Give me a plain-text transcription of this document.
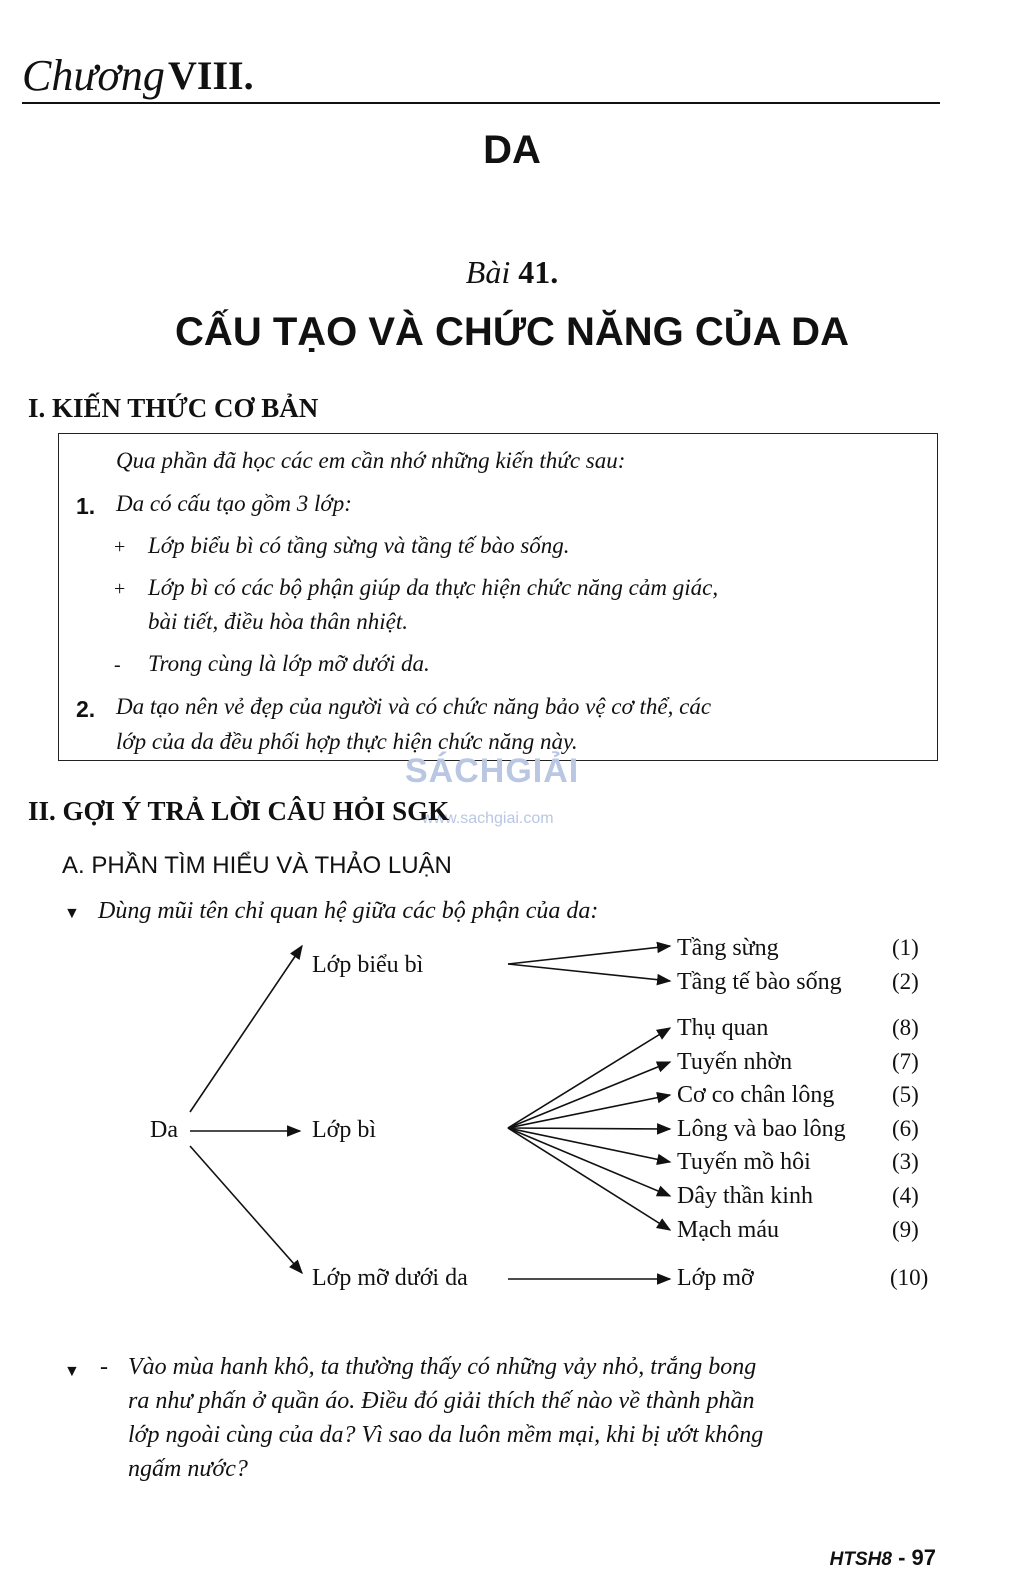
Chương VIII.
DA
Bài 41.
CẤU TẠO VÀ CHỨC NĂNG CỦA DA
I. KIẾN THỨC CƠ BẢN
Qua phần đã học các em cần nhớ những kiến thức sau:
1. Da có cấu tạo gồm 3 lớp:
+ Lớp biểu bì có tầng sừng và tầng tế bào sống.
+ Lớp bì có các bộ phận giúp da thực hiện chức năng cảm giác,
bài tiết, điều hòa thân nhiệt.
- Trong cùng là lớp mỡ dưới da.
2. Da tạo nên vẻ đẹp của người và có chức năng bảo vệ cơ thể, các
lớp của da đều phối hợp thực hiện chức năng này.
SÁCHGIẢI
www.sachgiai.com
II. GỢI Ý TRẢ LỜI CÂU HỎI SGK
A. PHẦN TÌM HIỂU VÀ THẢO LUẬN
▼ Dùng mũi tên chỉ quan hệ giữa các bộ phận của da:
Da
Lớp biểu bì
Lớp bì
Lớp mỡ dưới da
Tầng sừng	(1)
Tầng tế bào sống (2)
Thụ quan	(8)
Tuyến nhờn	(7)
Cơ co chân lông	(5)
Lông và bao lông (6)
Tuyến mồ hôi	(3)
Dây thần kinh	(4)
Mạch máu	(9)
Lớp mỡ	(10)
▼ - Vào mùa hanh khô, ta thường thấy có những vảy nhỏ, trắng bong
ra như phấn ở quần áo. Điều đó giải thích thế nào về thành phần
lớp ngoài cùng của da? Vì sao da luôn mềm mại, khi bị ướt không
ngấm nước?
HTSH8 - 97
